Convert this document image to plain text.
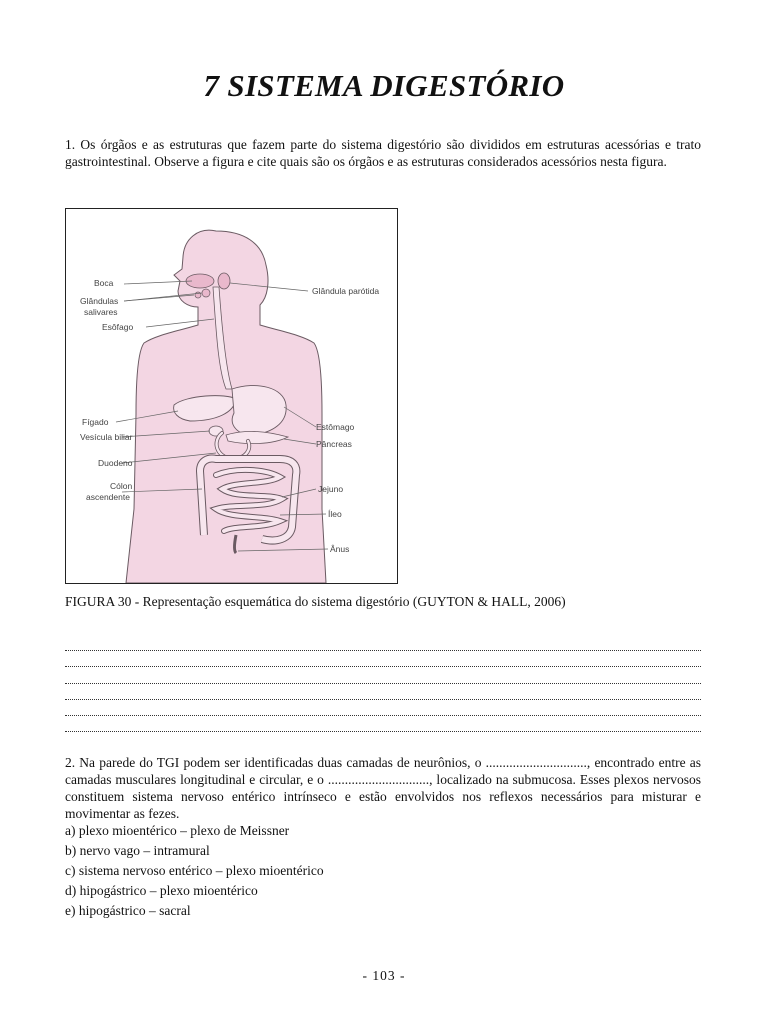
7 SISTEMA DIGESTÓRIO

1. Os órgãos e as estruturas que fazem parte do sistema digestório são divididos em estruturas acessórias e trato gastrointestinal. Observe a figura e cite quais são os órgãos e as estruturas considerados acessórios nesta figura.

Boca
Glândulas
salivares
Esôfago
Fígado
Vesícula biliar
Duodeno
Cólon
ascendente
Glândula parótida
Estômago
Pâncreas
Jejuno
Íleo
Ânus

FIGURA 30 - Representação esquemática do sistema digestório (GUYTON & HALL, 2006)

2. Na parede do TGI podem ser identificadas duas camadas de neurônios, o .............................., encontrado entre as camadas musculares longitudinal e circular, e o .............................., localizado na submucosa. Esses plexos nervosos constituem sistema nervoso entérico intrínseco e estão envolvidos nos reflexos necessários para misturar e movimentar as fezes.

a) plexo mioentérico – plexo de Meissner
b) nervo vago – intramural
c) sistema nervoso entérico – plexo mioentérico
d) hipogástrico – plexo mioentérico
e) hipogástrico – sacral
- 103 -
